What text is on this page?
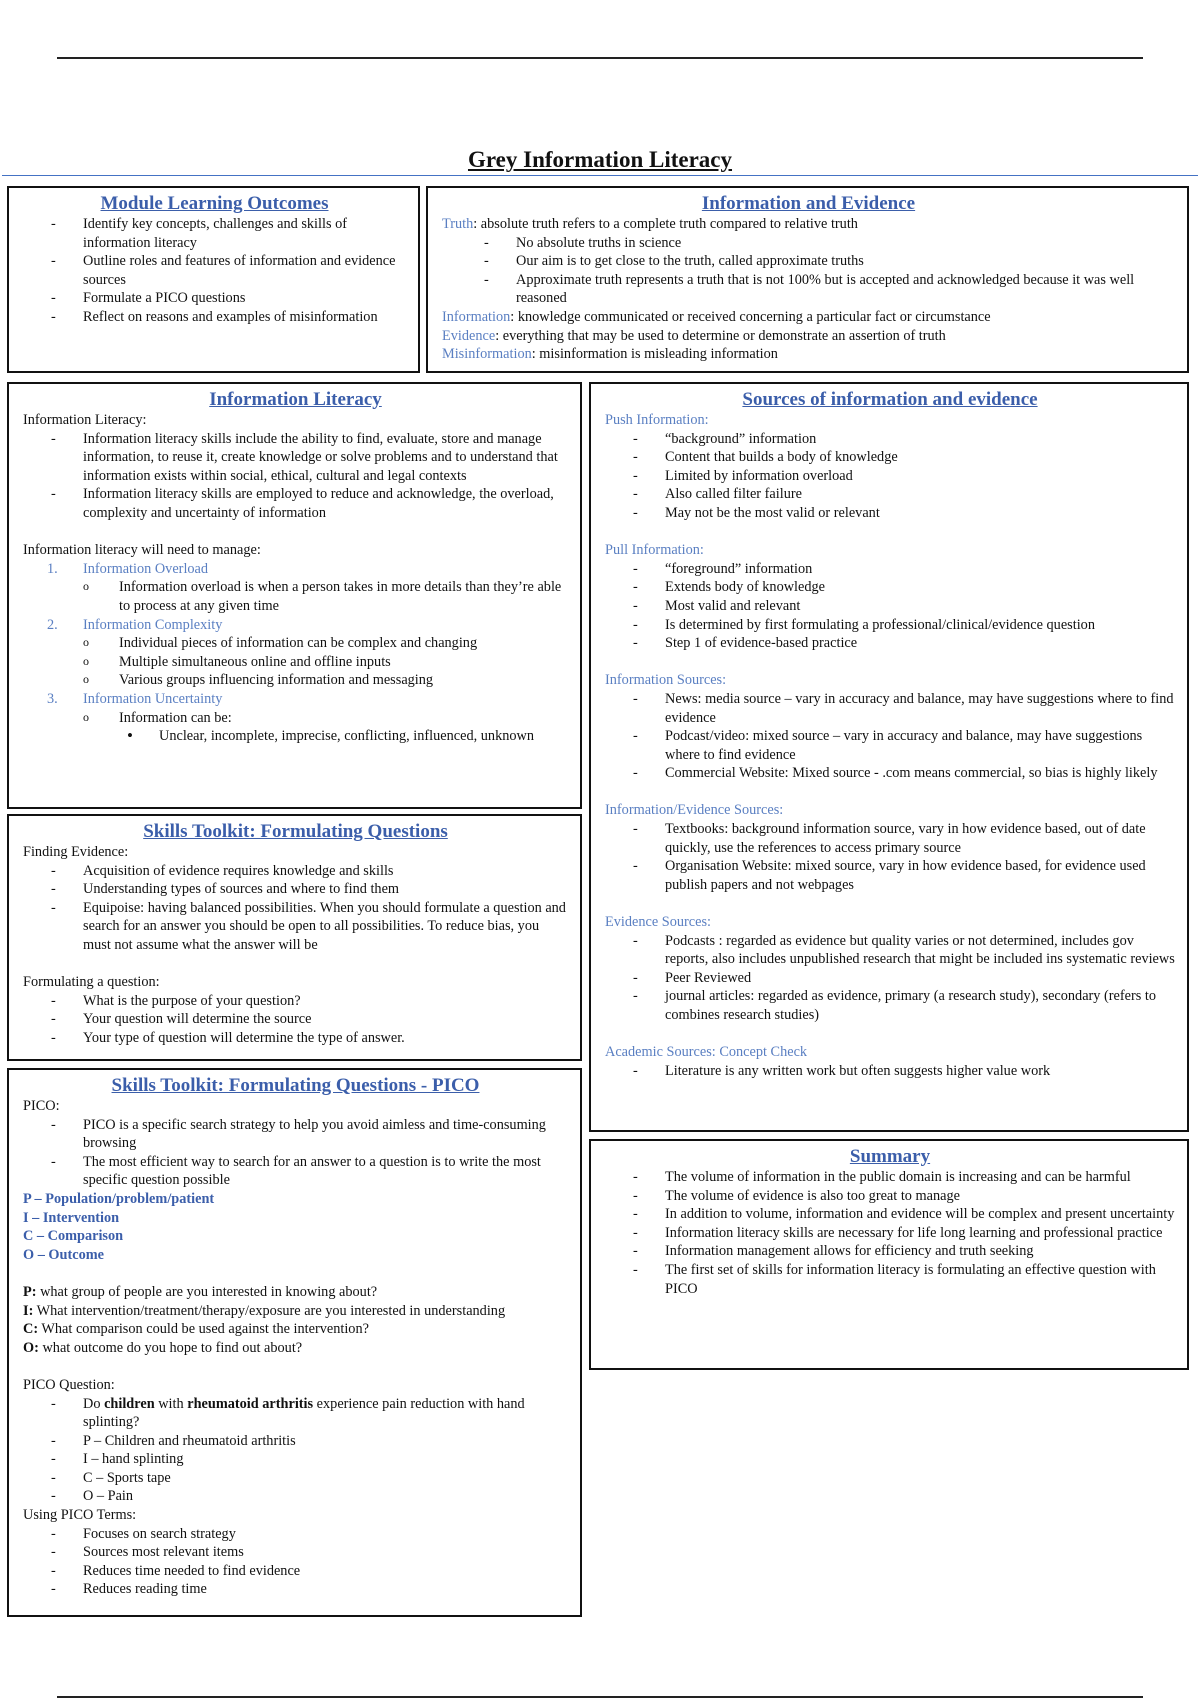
Grey Information Literacy
Module Learning Outcomes
- Identify key concepts, challenges and skills of information literacy
- Outline roles and features of information and evidence sources
- Formulate a PICO questions
- Reflect on reasons and examples of misinformation
Information and Evidence

Truth: absolute truth refers to a complete truth compared to relative truth

- No absolute truths in science
- Our aim is to get close to the truth, called approximate truths
- Approximate truth represents a truth that is not 100% but is accepted and acknowledged because it was well reasoned

Information: knowledge communicated or received concerning a particular fact or circumstance

Evidence: everything that may be used to determine or demonstrate an assertion of truth

Misinformation: misinformation is misleading information

Information Literacy

Information Literacy:

- Information literacy skills include the ability to find, evaluate, store and manage information, to reuse it, create knowledge or solve problems and to understand that information exists within social, ethical, cultural and legal contexts
- Information literacy skills are employed to reduce and acknowledge, the overload, complexity and uncertainty of information

Information literacy will need to manage:

1. Information Overload
o Information overload is when a person takes in more details than they’re able to process at any given time
2. Information Complexity
o Individual pieces of information can be complex and changing
o Multiple simultaneous online and offline inputs
o Various groups influencing information and messaging
3. Information Uncertainty
o Information can be:
• Unclear, incomplete, imprecise, conflicting, influenced, unknown
Skills Toolkit: Formulating Questions

Finding Evidence:

- Acquisition of evidence requires knowledge and skills
- Understanding types of sources and where to find them
- Equipoise: having balanced possibilities. When you should formulate a question and search for an answer you should be open to all possibilities. To reduce bias, you must not assume what the answer will be

Formulating a question:

- What is the purpose of your question?
- Your question will determine the source
- Your type of question will determine the type of answer.
Skills Toolkit: Formulating Questions - PICO

PICO:

- PICO is a specific search strategy to help you avoid aimless and time-consuming browsing
- The most efficient way to search for an answer to a question is to write the most specific question possible

P – Population/problem/patient

I – Intervention

C – Comparison

O – Outcome

P: what group of people are you interested in knowing about?

I: What intervention/treatment/therapy/exposure are you interested in understanding

C: What comparison could be used against the intervention?

O: what outcome do you hope to find out about?

PICO Question:

- Do children with rheumatoid arthritis experience pain reduction with hand splinting?
- P – Children and rheumatoid arthritis
- I – hand splinting
- C – Sports tape
- O – Pain

Using PICO Terms:

- Focuses on search strategy
- Sources most relevant items
- Reduces time needed to find evidence
- Reduces reading time
Sources of information and evidence

Push Information:

- “background” information
- Content that builds a body of knowledge
- Limited by information overload
- Also called filter failure
- May not be the most valid or relevant

Pull Information:

- “foreground” information
- Extends body of knowledge
- Most valid and relevant
- Is determined by first formulating a professional/clinical/evidence question
- Step 1 of evidence-based practice

Information Sources:

- News: media source – vary in accuracy and balance, may have suggestions where to find evidence
- Podcast/video: mixed source – vary in accuracy and balance, may have suggestions where to find evidence
- Commercial Website: Mixed source - .com means commercial, so bias is highly likely

Information/Evidence Sources:

- Textbooks: background information source, vary in how evidence based, out of date quickly, use the references to access primary source
- Organisation Website: mixed source, vary in how evidence based, for evidence used publish papers and not webpages

Evidence Sources:

- Podcasts : regarded as evidence but quality varies or not determined, includes gov reports, also includes unpublished research that might be included ins systematic reviews
- Peer Reviewed
- journal articles: regarded as evidence, primary (a research study), secondary (refers to combines research studies)

Academic Sources: Concept Check

- Literature is any written work but often suggests higher value work
Summary
- The volume of information in the public domain is increasing and can be harmful
- The volume of evidence is also too great to manage
- In addition to volume, information and evidence will be complex and present uncertainty
- Information literacy skills are necessary for life long learning and professional practice
- Information management allows for efficiency and truth seeking
- The first set of skills for information literacy is formulating an effective question with PICO
